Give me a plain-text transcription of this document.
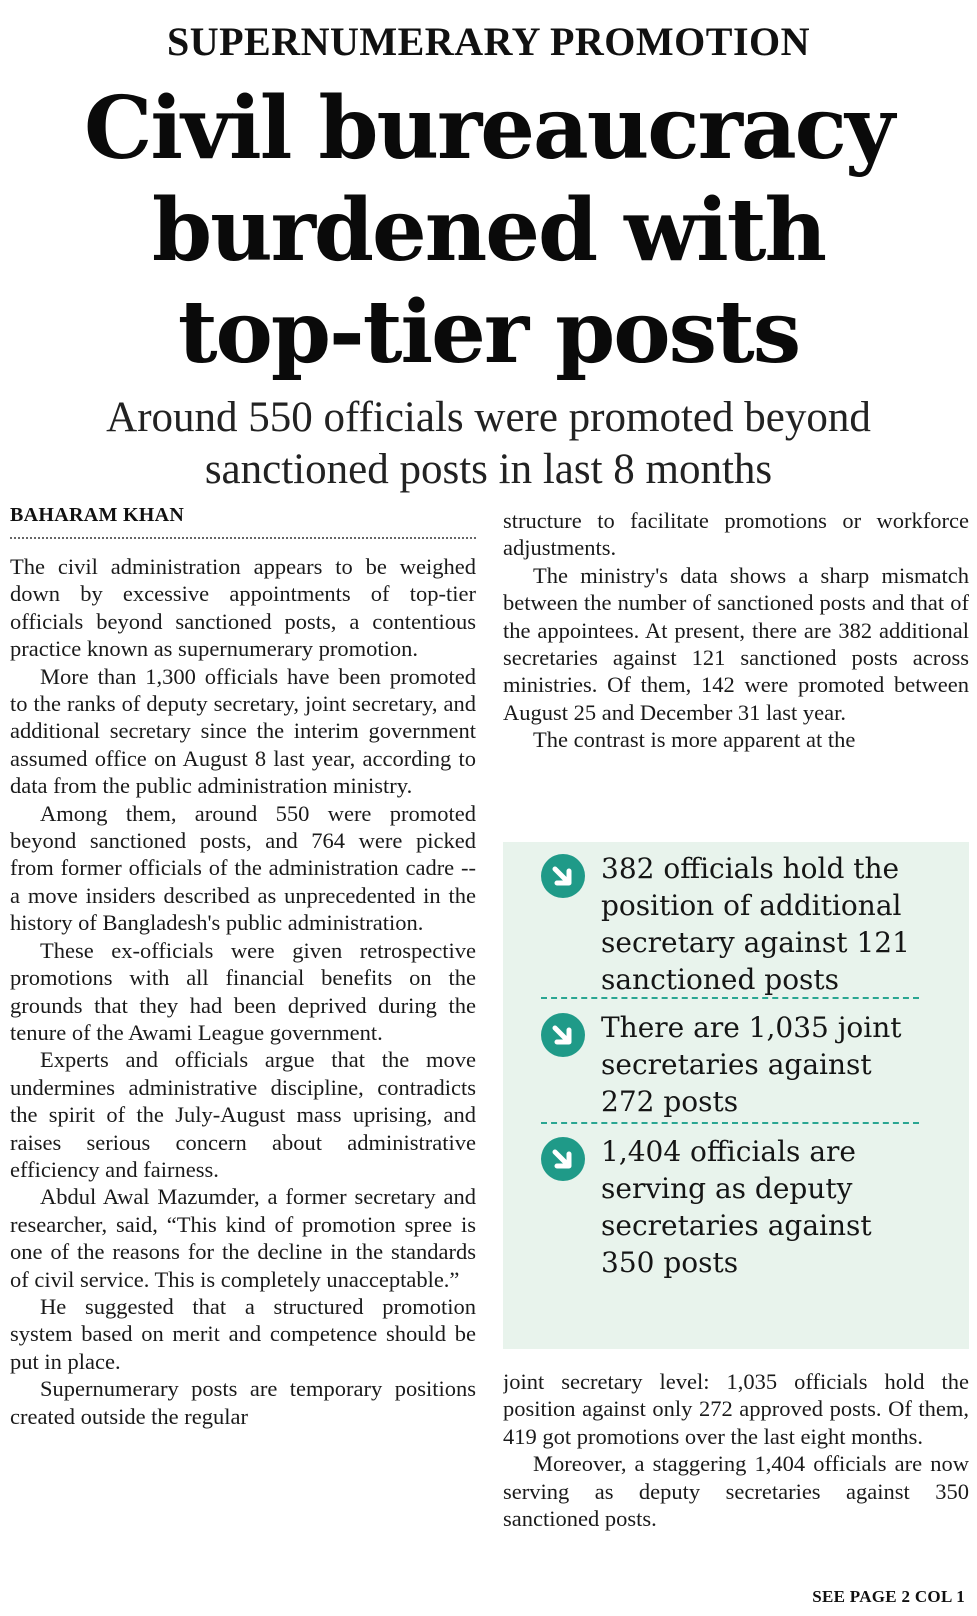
SUPERNUMERARY PROMOTION
Civil bureaucracy
burdened with
top-tier posts
Around 550 officials were promoted beyond
sanctioned posts in last 8 months
BAHARAM KHAN

The civil administration appears to be weighed down by excessive appointments of top-tier officials beyond sanctioned posts, a contentious practice known as supernumerary promotion.

More than 1,300 officials have been promoted to the ranks of deputy secretary, joint secretary, and additional secretary since the interim government assumed office on August 8 last year, according to data from the public administration ministry.

Among them, around 550 were promoted beyond sanctioned posts, and 764 were picked from former officials of the administration cadre -- a move insiders described as unprecedented in the history of Bangladesh's public administration.

These ex-officials were given retrospective promotions with all financial benefits on the grounds that they had been deprived during the tenure of the Awami League government.

Experts and officials argue that the move undermines administrative discipline, contradicts the spirit of the July-August mass uprising, and raises serious concern about administrative efficiency and fairness.

Abdul Awal Mazumder, a former secretary and researcher, said, “This kind of promotion spree is one of the reasons for the decline in the standards of civil service. This is completely unacceptable.”

He suggested that a structured promotion system based on merit and competence should be put in place.

Supernumerary posts are temporary positions created outside the regular

structure to facilitate promotions or workforce adjustments.

The ministry's data shows a sharp mismatch between the number of sanctioned posts and that of the appointees. At present, there are 382 additional secretaries against 121 sanctioned posts across ministries. Of them, 142 were promoted between August 25 and December 31 last year.

The contrast is more apparent at the

382 officials hold the
position of additional
secretary against 121
sanctioned posts
There are 1,035 joint
secretaries against
272 posts
1,404 officials are
serving as deputy
secretaries against
350 posts

joint secretary level: 1,035 officials hold the position against only 272 approved posts. Of them, 419 got promotions over the last eight months.

Moreover, a staggering 1,404 officials are now serving as deputy secretaries against 350 sanctioned posts.

SEE PAGE 2 COL 1
